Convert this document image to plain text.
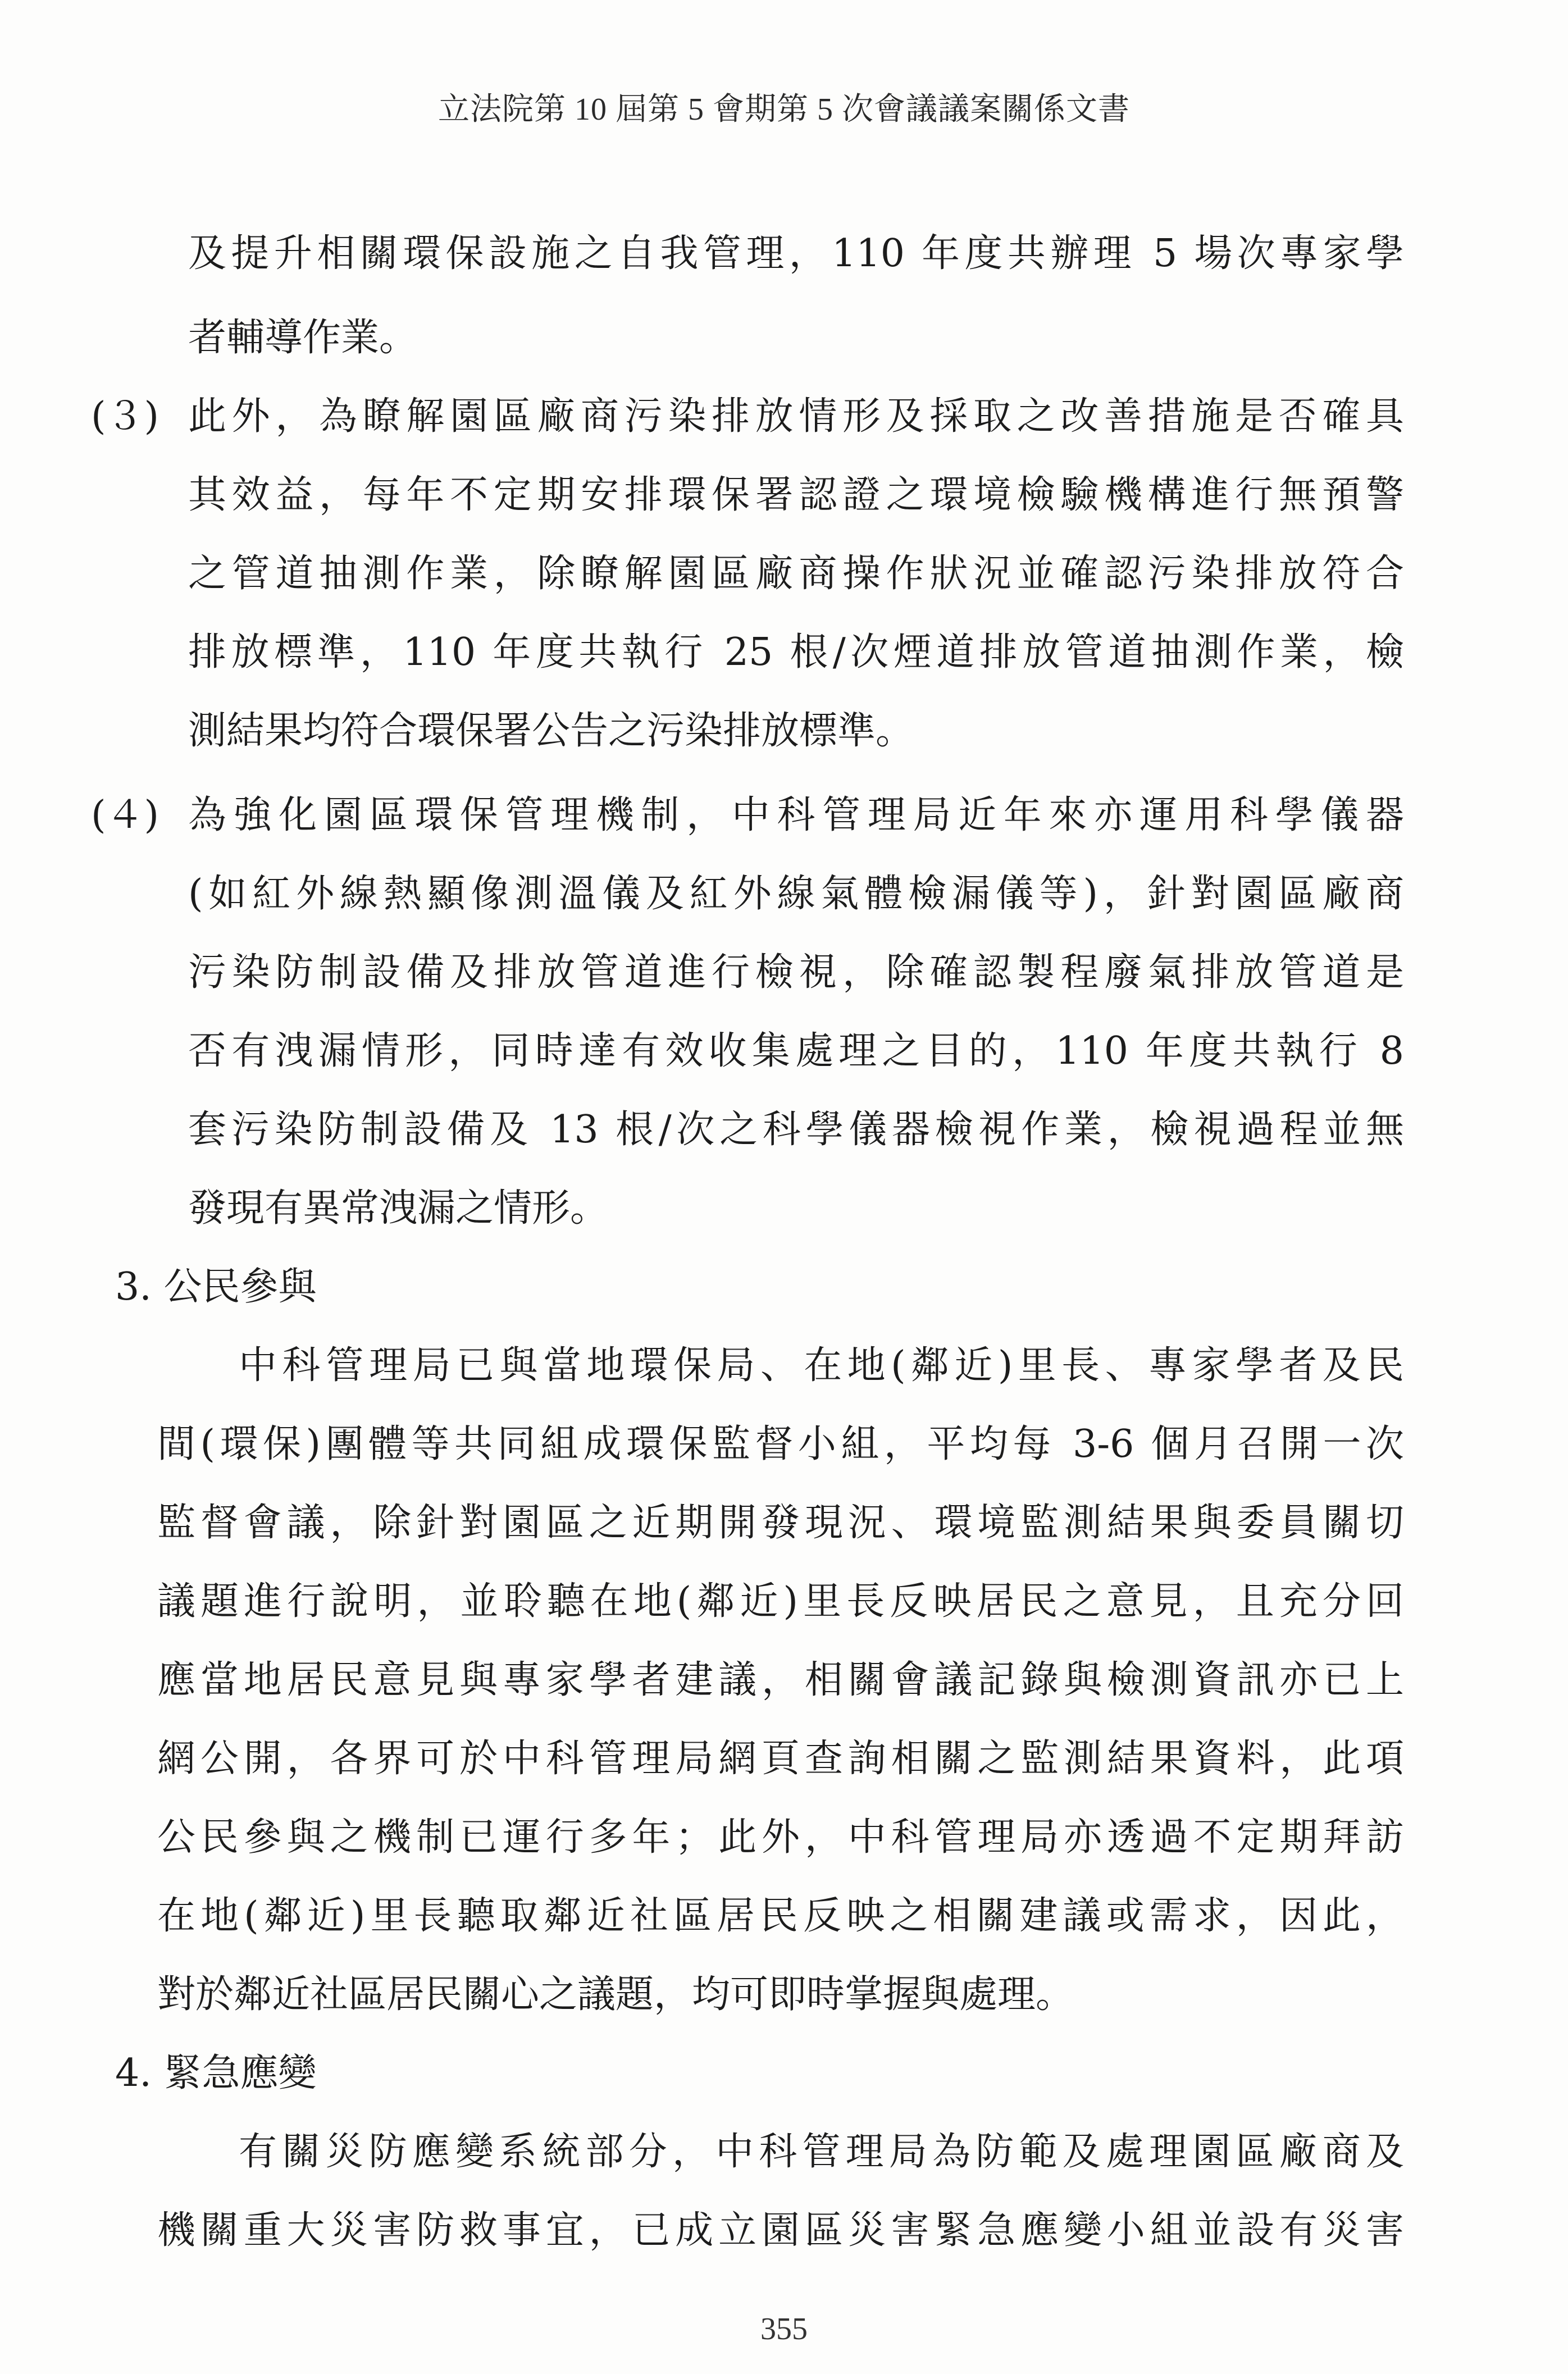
立法院第 10 屆第 5 會期第 5 次會議議案關係文書
及提升相關環保設施之自我管理，110 年度共辦理 5 場次專家學
者輔導作業。
(３) 此外，為瞭解園區廠商污染排放情形及採取之改善措施是否確具
其效益，每年不定期安排環保署認證之環境檢驗機構進行無預警
之管道抽測作業，除瞭解園區廠商操作狀況並確認污染排放符合
排放標準，110 年度共執行 25 根/次煙道排放管道抽測作業，檢
測結果均符合環保署公告之污染排放標準。
(４) 為強化園區環保管理機制，中科管理局近年來亦運用科學儀器
(如紅外線熱顯像測溫儀及紅外線氣體檢漏儀等)，針對園區廠商
污染防制設備及排放管道進行檢視，除確認製程廢氣排放管道是
否有洩漏情形，同時達有效收集處理之目的，110 年度共執行 8
套污染防制設備及 13 根/次之科學儀器檢視作業，檢視過程並無
發現有異常洩漏之情形。
3. 公民參與
中科管理局已與當地環保局、在地(鄰近)里長、專家學者及民
間(環保)團體等共同組成環保監督小組，平均每 3-6 個月召開一次
監督會議，除針對園區之近期開發現況、環境監測結果與委員關切
議題進行說明，並聆聽在地(鄰近)里長反映居民之意見，且充分回
應當地居民意見與專家學者建議，相關會議記錄與檢測資訊亦已上
網公開，各界可於中科管理局網頁查詢相關之監測結果資料，此項
公民參與之機制已運行多年；此外，中科管理局亦透過不定期拜訪
在地(鄰近)里長聽取鄰近社區居民反映之相關建議或需求，因此，
對於鄰近社區居民關心之議題，均可即時掌握與處理。
4. 緊急應變
有關災防應變系統部分，中科管理局為防範及處理園區廠商及
機關重大災害防救事宜，已成立園區災害緊急應變小組並設有災害
355
